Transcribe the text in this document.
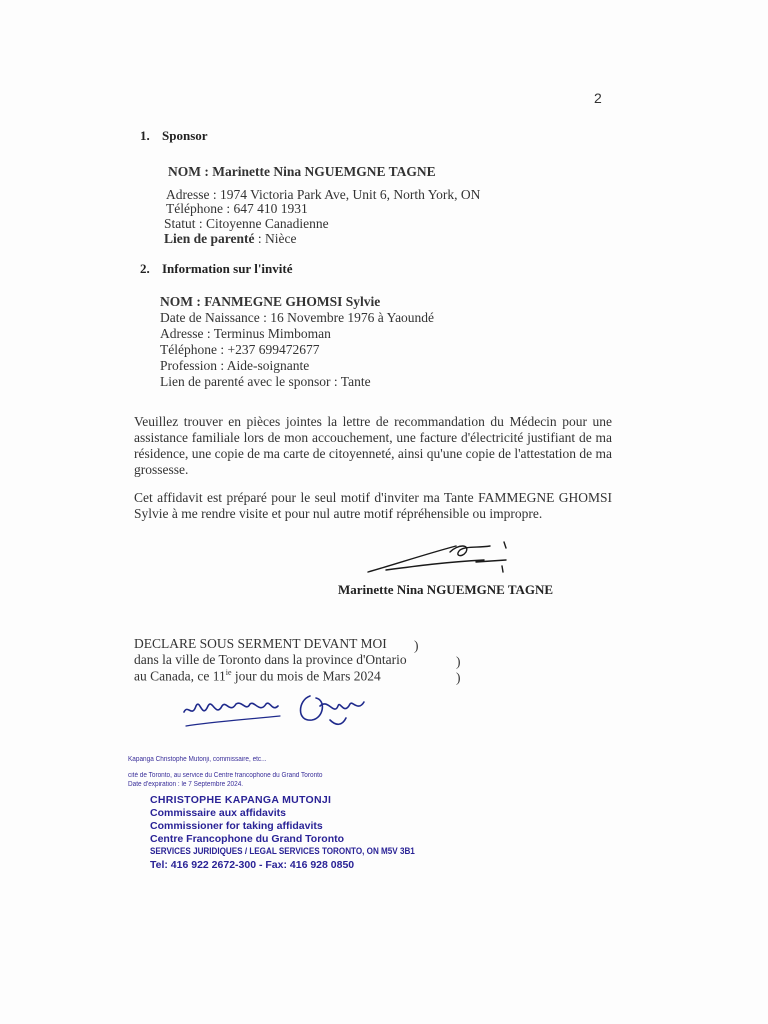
2
1. Sponsor
NOM : Marinette Nina NGUEMGNE TAGNE
Adresse : 1974 Victoria Park Ave, Unit 6, North York, ON
Téléphone : 647 410 1931
Statut : Citoyenne Canadienne
Lien de parenté : Nièce
2. Information sur l'invité
NOM : FANMEGNE GHOMSI Sylvie
Date de Naissance : 16 Novembre 1976 à Yaoundé
Adresse : Terminus Mimboman
Téléphone : +237 699472677
Profession : Aide-soignante
Lien de parenté avec le sponsor : Tante
Veuillez trouver en pièces jointes la lettre de recommandation du Médecin pour une assistance familiale lors de mon accouchement, une facture d'électricité justifiant de ma résidence, une copie de ma carte de citoyenneté, ainsi qu'une copie de l'attestation de ma grossesse.
Cet affidavit est préparé pour le seul motif d'inviter ma Tante FAMMEGNE GHOMSI Sylvie à me rendre visite et pour nul autre motif répréhensible ou impropre.
Marinette Nina NGUEMGNE TAGNE
DECLARE SOUS SERMENT DEVANT MOI )
dans la ville de Toronto dans la province d'Ontario	)
au Canada, ce $11^{ie}$ jour du mois de Mars 2024	)
Kapanga Christophe Mutonji, commissaire, etc...
cité de Toronto, au service du Centre francophone du Grand Toronto
Date d'expiration : le 7 Septembre 2024.
CHRISTOPHE KAPANGA MUTONJI
Commissaire aux affidavits
Commissioner for taking affidavits
Centre Francophone du Grand Toronto
SERVICES JURIDIQUES / LEGAL SERVICES TORONTO, ON M5V 3B1
Tel: 416 922 2672-300 - Fax: 416 928 0850
